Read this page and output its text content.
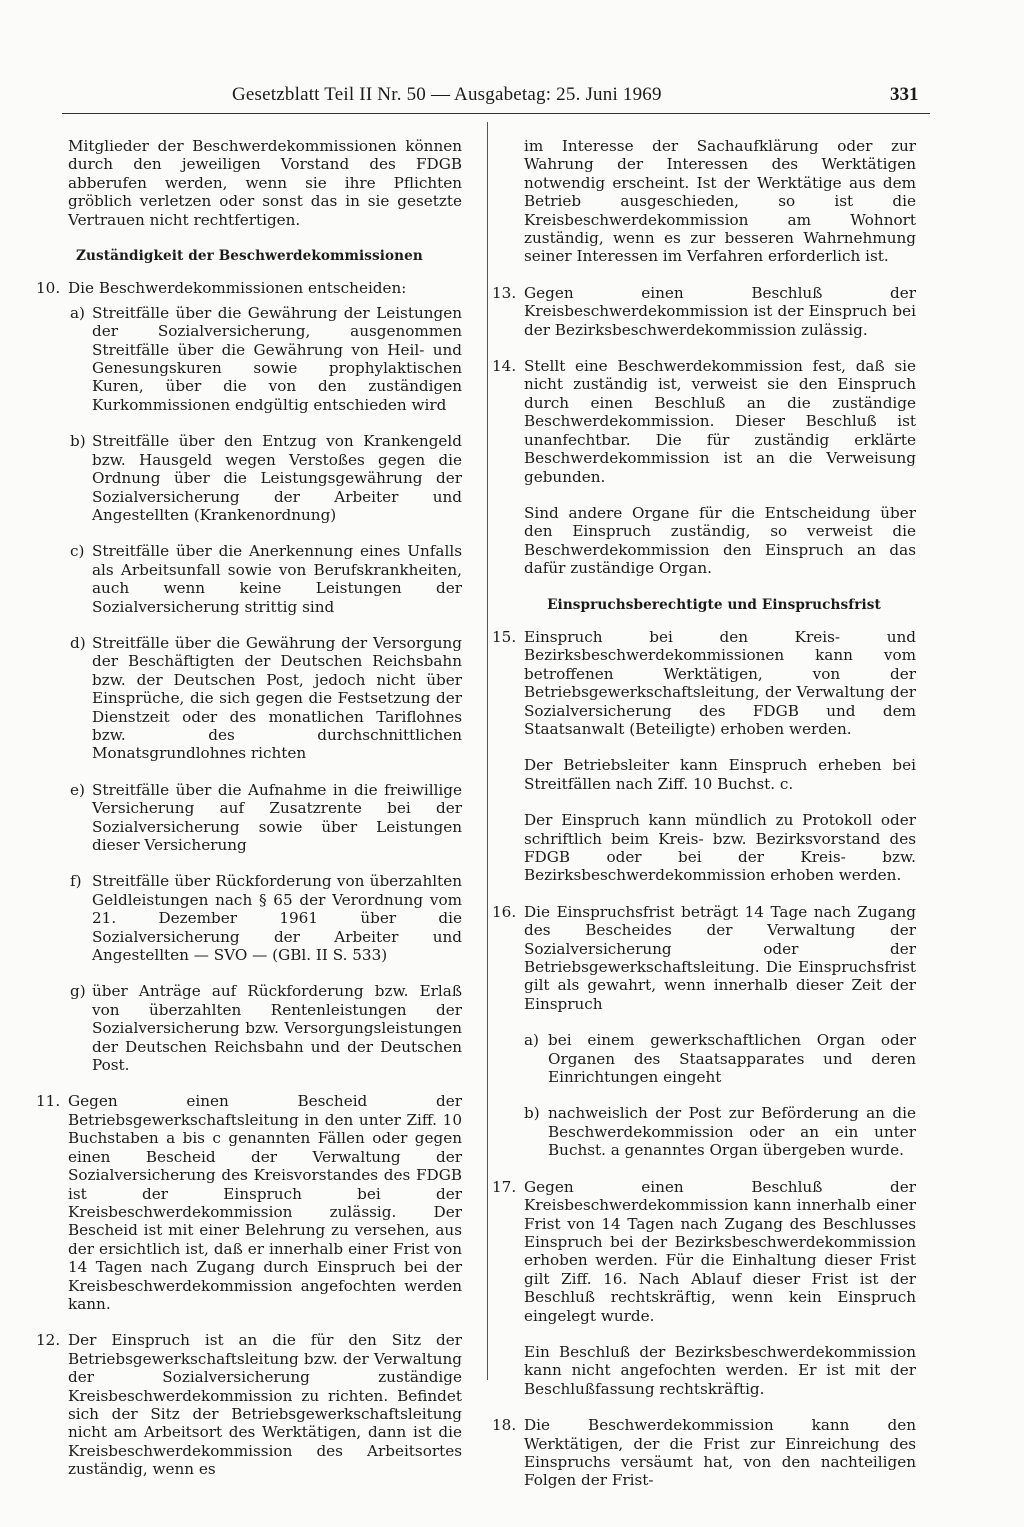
Gesetzblatt Teil II Nr. 50 — Ausgabetag: 25. Juni 1969	331

Mitglieder der Beschwerdekommissionen können durch den jeweiligen Vorstand des FDGB abberufen werden, wenn sie ihre Pflichten gröblich verletzen oder sonst das in sie gesetzte Vertrauen nicht rechtfertigen.

Zuständigkeit der Beschwerdekommissionen
10. Die Beschwerdekommissionen entscheiden:

a) Streitfälle über die Gewährung der Leistungen der Sozialversicherung, ausgenommen Streitfälle über die Gewährung von Heil- und Genesungskuren sowie prophylaktischen Kuren, über die von den zuständigen Kurkommissionen endgültig entschieden wird

b) Streitfälle über den Entzug von Krankengeld bzw. Hausgeld wegen Verstoßes gegen die Ordnung über die Leistungsgewährung der Sozialversicherung der Arbeiter und Angestellten (Krankenordnung)

c) Streitfälle über die Anerkennung eines Unfalls als Arbeitsunfall sowie von Berufskrankheiten, auch wenn keine Leistungen der Sozialversicherung strittig sind

d) Streitfälle über die Gewährung der Versorgung der Beschäftigten der Deutschen Reichsbahn bzw. der Deutschen Post, jedoch nicht über Einsprüche, die sich gegen die Festsetzung der Dienstzeit oder des monatlichen Tariflohnes bzw. des durchschnittlichen Monatsgrundlohnes richten

e) Streitfälle über die Aufnahme in die freiwillige Versicherung auf Zusatzrente bei der Sozialversicherung sowie über Leistungen dieser Versicherung

f) Streitfälle über Rückforderung von überzahlten Geldleistungen nach § 65 der Verordnung vom 21. Dezember 1961 über die Sozialversicherung der Arbeiter und Angestellten — SVO — (GBl. II S. 533)

g) über Anträge auf Rückforderung bzw. Erlaß von überzahlten Rentenleistungen der Sozialversicherung bzw. Versorgungsleistungen der Deutschen Reichsbahn und der Deutschen Post.

11. Gegen einen Bescheid der Betriebsgewerkschaftsleitung in den unter Ziff. 10 Buchstaben a bis c genannten Fällen oder gegen einen Bescheid der Verwaltung der Sozialversicherung des Kreisvorstandes des FDGB ist der Einspruch bei der Kreisbeschwerdekommission zulässig. Der Bescheid ist mit einer Belehrung zu versehen, aus der ersichtlich ist, daß er innerhalb einer Frist von 14 Tagen nach Zugang durch Einspruch bei der Kreisbeschwerdekommission angefochten werden kann.

12. Der Einspruch ist an die für den Sitz der Betriebsgewerkschaftsleitung bzw. der Verwaltung der Sozialversicherung zuständige Kreisbeschwerdekommission zu richten. Befindet sich der Sitz der Betriebsgewerkschaftsleitung nicht am Arbeitsort des Werktätigen, dann ist die Kreisbeschwerdekommission des Arbeitsortes zuständig, wenn es

im Interesse der Sachaufklärung oder zur Wahrung der Interessen des Werktätigen notwendig erscheint. Ist der Werktätige aus dem Betrieb ausgeschieden, so ist die Kreisbeschwerdekommission am Wohnort zuständig, wenn es zur besseren Wahrnehmung seiner Interessen im Verfahren erforderlich ist.

13. Gegen einen Beschluß der Kreisbeschwerdekommission ist der Einspruch bei der Bezirksbeschwerdekommission zulässig.

14. Stellt eine Beschwerdekommission fest, daß sie nicht zuständig ist, verweist sie den Einspruch durch einen Beschluß an die zuständige Beschwerdekommission. Dieser Beschluß ist unanfechtbar. Die für zuständig erklärte Beschwerdekommission ist an die Verweisung gebunden.

Sind andere Organe für die Entscheidung über den Einspruch zuständig, so verweist die Beschwerdekommission den Einspruch an das dafür zuständige Organ.

Einspruchsberechtigte und Einspruchsfrist
15. Einspruch bei den Kreis- und Bezirksbeschwerdekommissionen kann vom betroffenen Werktätigen, von der Betriebsgewerkschaftsleitung, der Verwaltung der Sozialversicherung des FDGB und dem Staatsanwalt (Beteiligte) erhoben werden.

Der Betriebsleiter kann Einspruch erheben bei Streitfällen nach Ziff. 10 Buchst. c.

Der Einspruch kann mündlich zu Protokoll oder schriftlich beim Kreis- bzw. Bezirksvorstand des FDGB oder bei der Kreis- bzw. Bezirksbeschwerdekommission erhoben werden.

16. Die Einspruchsfrist beträgt 14 Tage nach Zugang des Bescheides der Verwaltung der Sozialversicherung oder der Betriebsgewerkschaftsleitung. Die Einspruchsfrist gilt als gewahrt, wenn innerhalb dieser Zeit der Einspruch

a) bei einem gewerkschaftlichen Organ oder Organen des Staatsapparates und deren Einrichtungen eingeht

b) nachweislich der Post zur Beförderung an die Beschwerdekommission oder an ein unter Buchst. a genanntes Organ übergeben wurde.

17. Gegen einen Beschluß der Kreisbeschwerdekommission kann innerhalb einer Frist von 14 Tagen nach Zugang des Beschlusses Einspruch bei der Bezirksbeschwerdekommission erhoben werden. Für die Einhaltung dieser Frist gilt Ziff. 16. Nach Ablauf dieser Frist ist der Beschluß rechtskräftig, wenn kein Einspruch eingelegt wurde.

Ein Beschluß der Bezirksbeschwerdekommission kann nicht angefochten werden. Er ist mit der Beschlußfassung rechtskräftig.

18. Die Beschwerdekommission kann den Werktätigen, der die Frist zur Einreichung des Einspruchs versäumt hat, von den nachteiligen Folgen der Frist-
